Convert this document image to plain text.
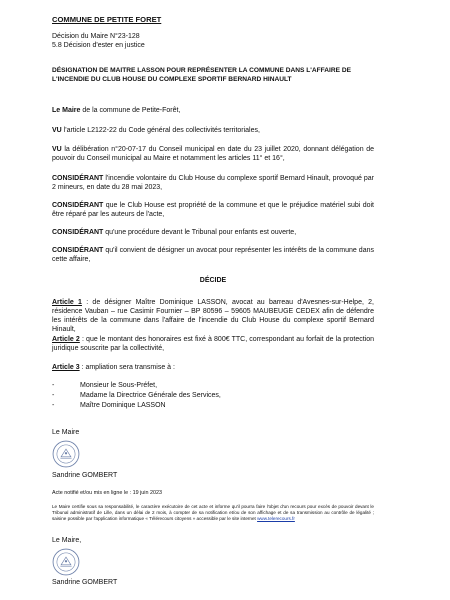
COMMUNE DE PETITE FORET
Décision du Maire N°23-128
5.8 Décision d'ester en justice
DÉSIGNATION DE MAITRE LASSON POUR REPRÉSENTER LA COMMUNE DANS L'AFFAIRE DE
L'INCENDIE DU CLUB HOUSE DU COMPLEXE SPORTIF BERNARD HINAULT
Le Maire de la commune de Petite-Forêt,
VU l'article L2122-22 du Code général des collectivités territoriales,
VU la délibération n°20-07-17 du Conseil municipal en date du 23 juillet 2020, donnant délégation de pouvoir du Conseil municipal au Maire et notamment les articles 11° et 16°,
CONSIDÉRANT l'incendie volontaire du Club House du complexe sportif Bernard Hinault, provoqué par 2 mineurs, en date du 28 mai 2023,
CONSIDÉRANT que le Club House est propriété de la commune et que le préjudice matériel subi doit être réparé par les auteurs de l'acte,
CONSIDÉRANT qu'une procédure devant le Tribunal pour enfants est ouverte,
CONSIDÉRANT qu'il convient de désigner un avocat pour représenter les intérêts de la commune dans cette affaire,
DÉCIDE
Article 1 : de désigner Maître Dominique LASSON, avocat au barreau d'Avesnes-sur-Helpe, 2, résidence Vauban – rue Casimir Fournier – BP 80596 – 59605 MAUBEUGE CEDEX afin de défendre les intérêts de la commune dans l'affaire de l'incendie du Club House du complexe sportif Bernard Hinault,
Article 2 : que le montant des honoraires est fixé à 800€ TTC, correspondant au forfait de la protection juridique souscrite par la collectivité,
Article 3 : ampliation sera transmise à :
-	Monsieur le Sous-Préfet,
-	Madame la Directrice Générale des Services,
-	Maître Dominique LASSON
Le Maire
Sandrine GOMBERT
Acte notifié et/ou mis en ligne le : 19 juin 2023
Le Maire certifie sous sa responsabilité, le caractère exécutoire de cet acte et informe qu'il pourra faire l'objet d'un recours pour excès de pouvoir devant le Tribunal administratif de Lille, dans un délai de 2 mois, à compter de sa notification et/ou de son affichage et de sa transmission au contrôle de légalité ; saisine possible par l'application informatique « Télérecours citoyens » accessible par le site internet www.telerecours.fr
Le Maire,
Sandrine GOMBERT
